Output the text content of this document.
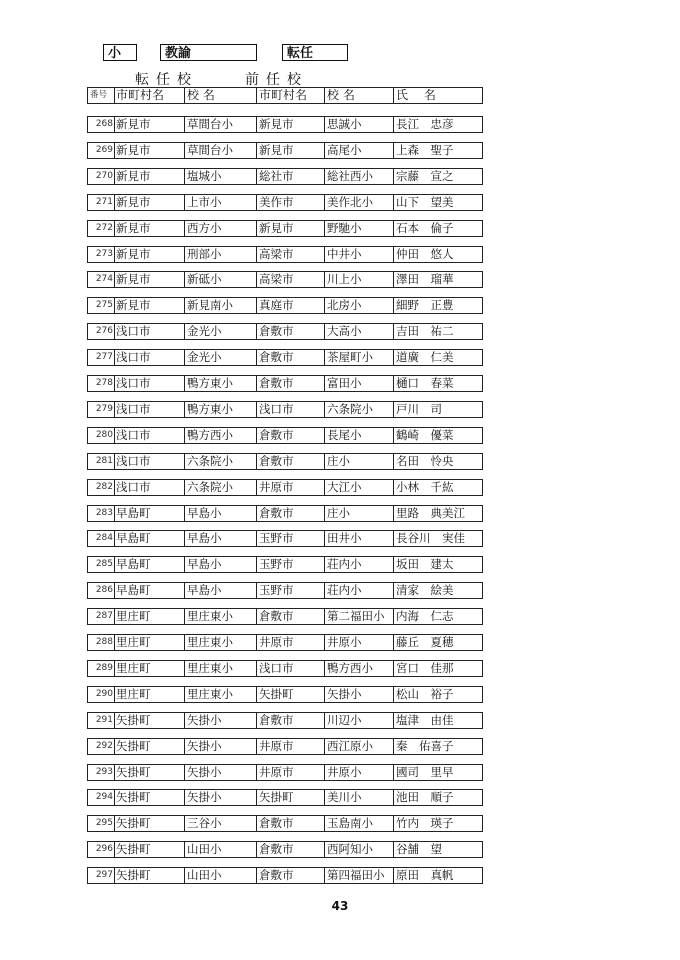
小	教諭	転任
転任校	前任校
番号 市町村名	校 名	市町村名	校 名	氏　 名
268 新見市	草間台小	新見市	思誠小	長江　忠彦
269 新見市	草間台小	新見市	高尾小	上森　聖子
270 新見市	塩城小	総社市	総社西小	宗藤　宣之
271 新見市	上市小	美作市	美作北小	山下　望美
272 新見市	西方小	新見市	野馳小	石本　倫子
273 新見市	刑部小	高梁市	中井小	仲田　悠人
274 新見市	新砥小	高梁市	川上小	澤田　瑠華
275 新見市	新見南小	真庭市	北房小	細野　正豊
276 浅口市	金光小	倉敷市	大高小	吉田　祐二
277 浅口市	金光小	倉敷市	茶屋町小	道廣　仁美
278 浅口市	鴨方東小	倉敷市	富田小	樋口　春菜
279 浅口市	鴨方東小	浅口市	六条院小	戸川　司
280 浅口市	鴨方西小	倉敷市	長尾小	鶴崎　優菜
281 浅口市	六条院小	倉敷市	庄小	名田　怜央
282 浅口市	六条院小	井原市	大江小	小林　千紘
283 早島町	早島小	倉敷市	庄小	里路　典美江
284 早島町	早島小	玉野市	田井小	長谷川　実佳
285 早島町	早島小	玉野市	荘内小	坂田　建太
286 早島町	早島小	玉野市	荘内小	清家　絵美
287 里庄町	里庄東小	倉敷市	第二福田小	内海　仁志
288 里庄町	里庄東小	井原市	井原小	藤丘　夏穂
289 里庄町	里庄東小	浅口市	鴨方西小	宮口　佳那
290 里庄町	里庄東小	矢掛町	矢掛小	松山　裕子
291 矢掛町	矢掛小	倉敷市	川辺小	塩津　由佳
292 矢掛町	矢掛小	井原市	西江原小	秦　佑喜子
293 矢掛町	矢掛小	井原市	井原小	國司　里早
294 矢掛町	矢掛小	矢掛町	美川小	池田　順子
295 矢掛町	三谷小	倉敷市	玉島南小	竹内　瑛子
296 矢掛町	山田小	倉敷市	西阿知小	谷舗　望
297 矢掛町	山田小	倉敷市	第四福田小	原田　真帆
43
